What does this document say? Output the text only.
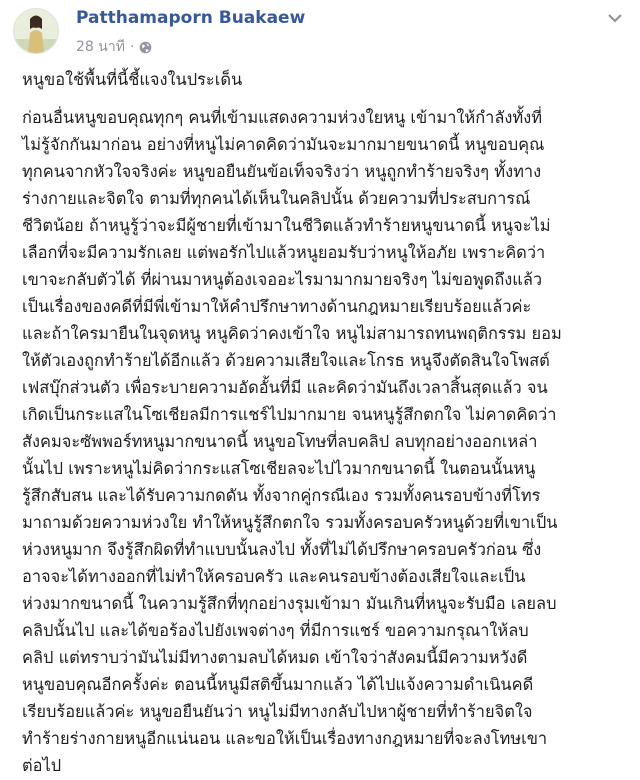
Patthamaporn Buakaew
28 นาที ·

หนูขอใช้พื้นที่นี้ชี้แจงในประเด็น

ก่อนอื่นหนูขอบคุณทุกๆ คนที่เข้ามแสดงความห่วงใยหนู เข้ามาให้กำลังทั้งที่
ไม่รู้จักกันมาก่อน อย่างที่หนูไม่คาดคิดว่ามันจะมากมายขนาดนี้ หนูขอบคุณ
ทุกคนจากหัวใจจริงค่ะ หนูขอยืนยันข้อเท็จจริงว่า หนูถูกทำร้ายจริงๆ ทั้งทาง
ร่างกายและจิตใจ ตามที่ทุกคนได้เห็นในคลิปนั้น ด้วยความที่ประสบการณ์
ชีวิตน้อย ถ้าหนูรู้ว่าจะมีผู้ชายที่เข้ามาในชีวิตแล้วทำร้ายหนูขนาดนี้ หนูจะไม่
เลือกที่จะมีความรักเลย แต่พอรักไปแล้วหนูยอมรับว่าหนูให้อภัย เพราะคิดว่า
เขาจะกลับตัวได้ ที่ผ่านมาหนูต้องเจออะไรมามากมายจริงๆ ไม่ขอพูดถึงแล้ว
เป็นเรื่องของคดีที่มีพี่เข้ามาให้คำปรึกษาทางด้านกฎหมายเรียบร้อยแล้วค่ะ
และถ้าใครมายืนในจุดหนู หนูคิดว่าคงเข้าใจ หนูไม่สามารถทนพฤติกรรม ยอม
ให้ตัวเองถูกทำร้ายได้อีกแล้ว ด้วยความเสียใจและโกรธ หนูจึงตัดสินใจโพสต์
เฟสบุ๊กส่วนตัว เพื่อระบายความอัดอั้นที่มี และคิดว่ามันถึงเวลาสิ้นสุดแล้ว จน
เกิดเป็นกระแสในโซเชียลมีการแชร์ไปมากมาย จนหนูรู้สึกตกใจ ไม่คาดคิดว่า
สังคมจะซัพพอร์ทหนูมากขนาดนี้ หนูขอโทษที่ลบคลิป ลบทุกอย่างออกเหล่า
นั้นไป เพราะหนูไม่คิดว่ากระแสโซเชียลจะไปไวมากขนาดนี้ ในตอนนั้นหนู
รู้สึกสับสน และได้รับความกดดัน ทั้งจากคู่กรณีเอง รวมทั้งคนรอบข้างที่โทร
มาถามด้วยความห่วงใย ทำให้หนูรู้สึกตกใจ รวมทั้งครอบครัวหนูด้วยที่เขาเป็น
ห่วงหนูมาก จึงรู้สึกผิดที่ทำแบบนั้นลงไป ทั้งที่ไม่ได้ปรึกษาครอบครัวก่อน ซึ่ง
อาจจะได้ทางออกที่ไม่ทำให้ครอบครัว และคนรอบข้างต้องเสียใจและเป็น
ห่วงมากขนาดนี้ ในความรู้สึกที่ทุกอย่างรุมเข้ามา มันเกินที่หนูจะรับมือ เลยลบ
คลิปนั้นไป และได้ขอร้องไปยังเพจต่างๆ ที่มีการแชร์ ขอความกรุณาให้ลบ
คลิป แต่ทราบว่ามันไม่มีทางตามลบได้หมด เข้าใจว่าสังคมนี้มีความหวังดี
หนูขอบคุณอีกครั้งค่ะ ตอนนี้หนูมีสติขึ้นมากแล้ว ได้ไปแจ้งความดำเนินคดี
เรียบร้อยแล้วค่ะ หนูขอยืนยันว่า หนูไม่มีทางกลับไปหาผู้ชายที่ทำร้ายจิตใจ
ทำร้ายร่างกายหนูอีกแน่นอน และขอให้เป็นเรื่องทางกฎหมายที่จะลงโทษเขา
ต่อไป
